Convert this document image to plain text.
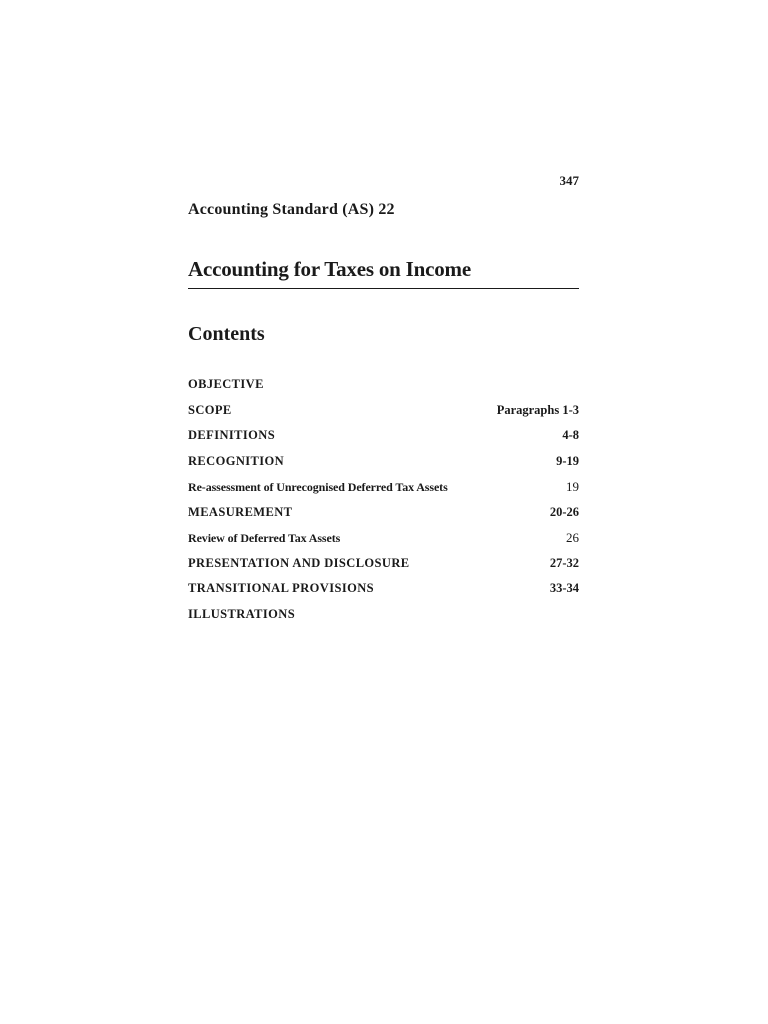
347
Accounting Standard (AS) 22
Accounting for Taxes on Income
Contents
OBJECTIVE
SCOPE	Paragraphs 1-3
DEFINITIONS	4-8
RECOGNITION	9-19
Re-assessment of Unrecognised Deferred Tax Assets	19
MEASUREMENT	20-26
Review of Deferred Tax Assets	26
PRESENTATION AND DISCLOSURE	27-32
TRANSITIONAL PROVISIONS	33-34
ILLUSTRATIONS
